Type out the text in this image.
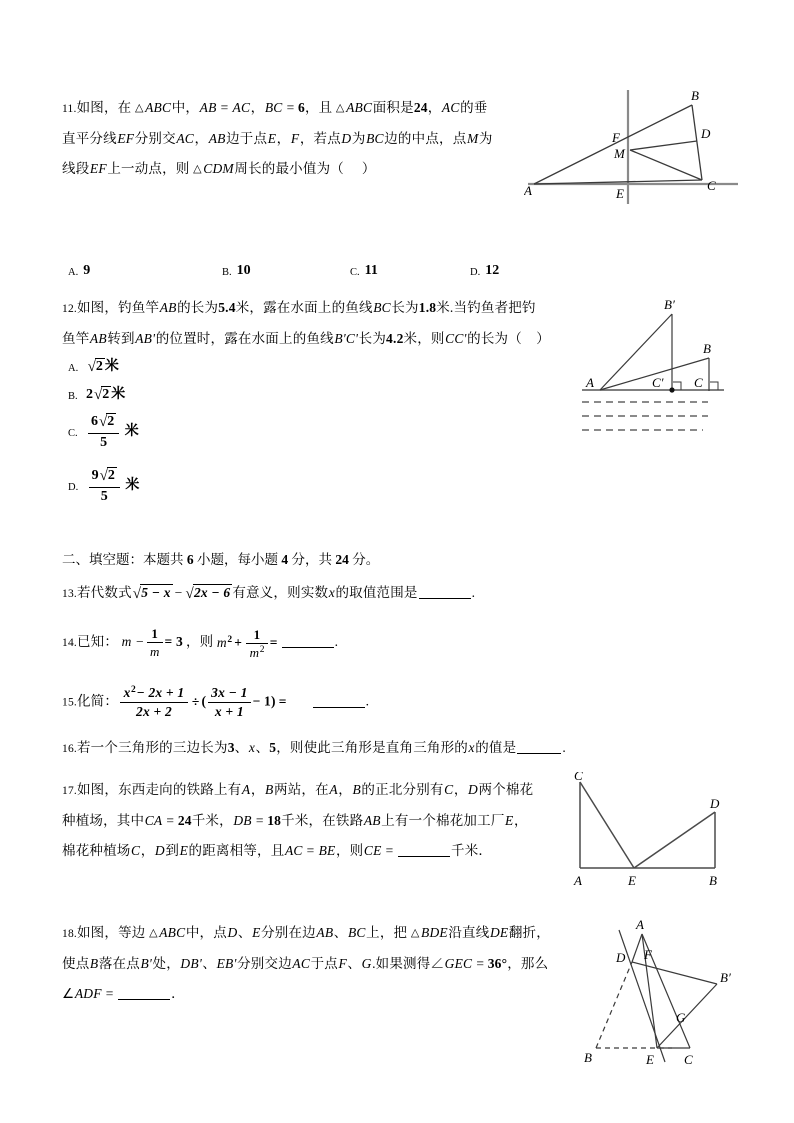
11.如图，在 △ ABC中，AB = AC，BC = 6，且 △ ABC面积是24，AC的垂
直平分线EF分别交AC，AB边于点E，F，若点D为BC边的中点，点M为
线段EF上一动点，则 △ CDM周长的最小值为（     ）
A
B
C
D
E
F
M
A. 9	B. 10	C. 11	D. 12
12.如图，钓鱼竿AB的长为5.4米，露在水面上的鱼线BC长为1.8米.当钓鱼者把钓
鱼竿AB转到AB'的位置时，露在水面上的鱼线B'C'长为4.2米，则CC'的长为（    ）
A
B′
B
C′ C
A. √2 米
B. 2√2 米
C. $\frac{6√2}{5}$ 米
D. $\frac{9√2}{5}$ 米
二、填空题：本题共 6 小题，每小题 4 分，共 24 分。
13.若代数式√5 − x − √2x − 6 有意义，则实数x的取值范围是	.
14.已知： $m - \frac{1}{m} = 3$ ，则 $m^2 + \frac{1}{m^2}$ =	.
15.化简： $\frac{x^2- 2x + 1}{2x + 2}$ ÷ ( $\frac{3x - 1}{x + 1} - 1$) =	.
16.若一个三角形的三边长为3、x、5，则使此三角形是直角三角形的x的值是	.
17.如图，东西走向的铁路上有A，B两站，在A，B的正北分别有C，D两个棉花
种植场，其中CA = 24千米，DB = 18千米，在铁路AB上有一个棉花加工厂E，
棉花种植场C，D到E的距离相等，且AC = BE，则CE =	千米．
C
D
A	E	B
18.如图，等边 △ ABC中，点D、E分别在边AB、BC上，把 △ BDE沿直线DE翻折，
使点B落在点B'处，DB'、EB'分别交边AC于点F、G.如果测得∠GEC = 36°，那么
∠ADF =	．
A
D F
B′
G
B	E C
